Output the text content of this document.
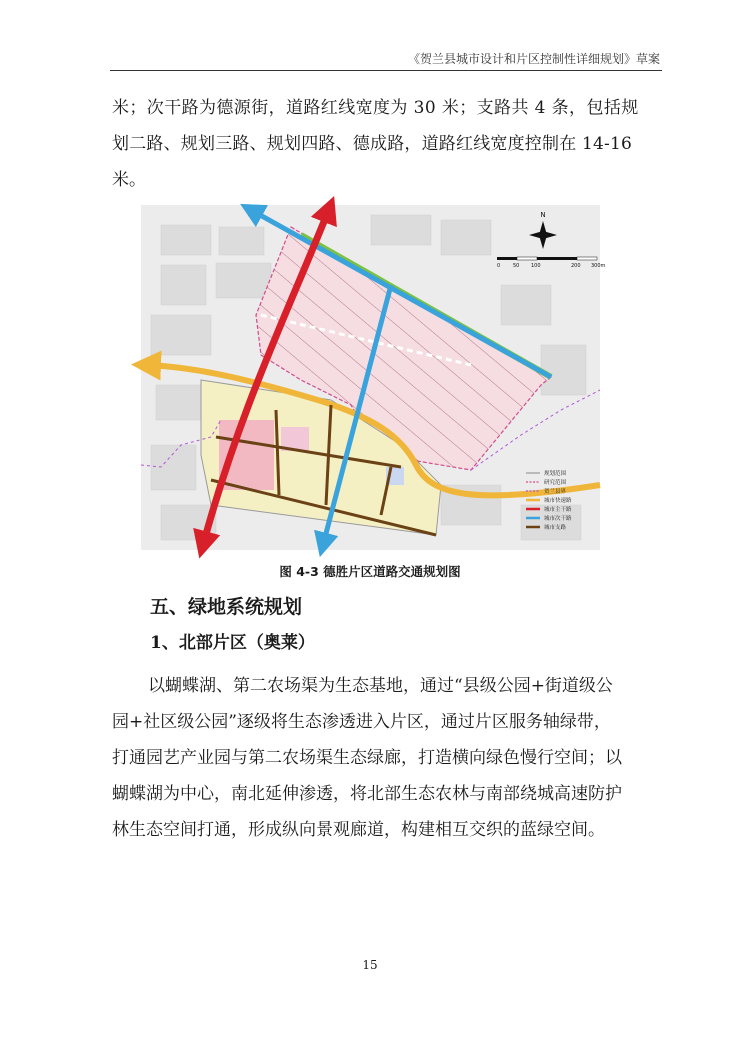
《贺兰县城市设计和片区控制性详细规划》草案
米；次干路为德源街，道路红线宽度为 30 米；支路共 4 条，包括规
划二路、规划三路、规划四路、德成路，道路红线宽度控制在 14-16
米。
N
0	50 100	200 300m
规划范围
研究范围
贺兰县界
城市快速路
城市主干路
城市次干路
城市支路
图 4-3 德胜片区道路交通规划图
五、绿地系统规划
1、北部片区（奥莱）
以蝴蝶湖、第二农场渠为生态基地，通过“县级公园+街道级公
园+社区级公园”逐级将生态渗透进入片区，通过片区服务轴绿带，
打通园艺产业园与第二农场渠生态绿廊，打造横向绿色慢行空间；以
蝴蝶湖为中心，南北延伸渗透，将北部生态农林与南部绕城高速防护
林生态空间打通，形成纵向景观廊道，构建相互交织的蓝绿空间。
15
